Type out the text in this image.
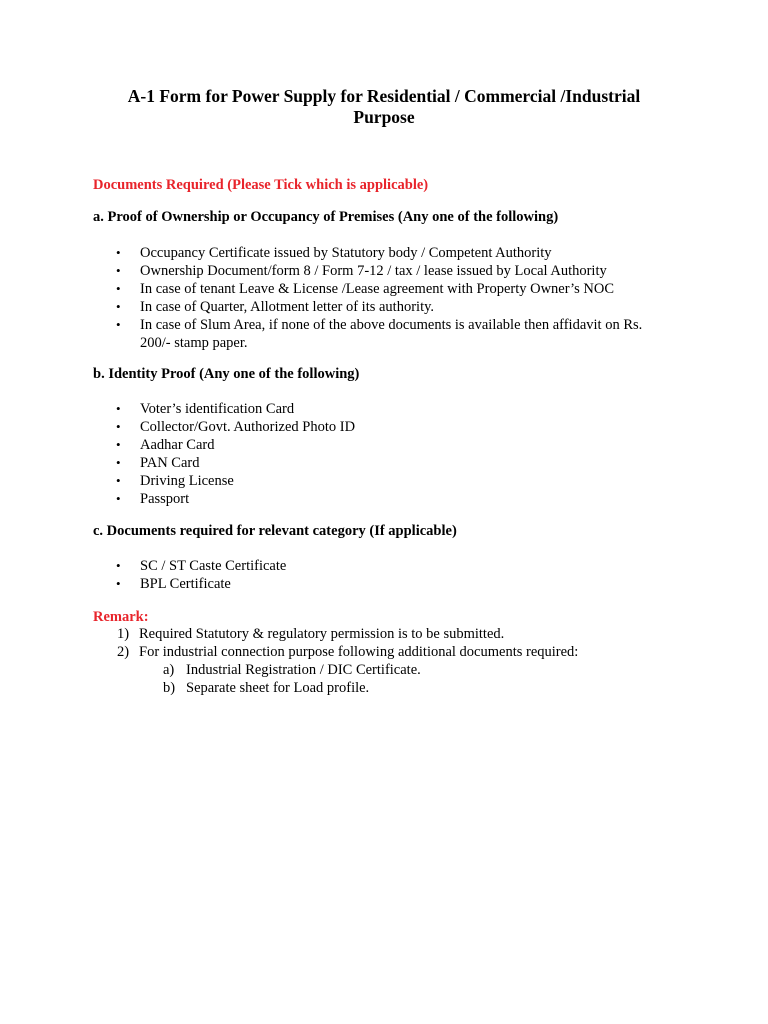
A-1 Form for Power Supply for Residential / Commercial /Industrial Purpose
Documents Required (Please Tick which is applicable)
a. Proof of Ownership or Occupancy of Premises (Any one of the following)
• Occupancy Certificate issued by Statutory body / Competent Authority
• Ownership Document/form 8 / Form 7-12 / tax / lease issued by Local Authority
• In case of tenant Leave & License /Lease agreement with Property Owner’s NOC
• In case of Quarter, Allotment letter of its authority.
• In case of Slum Area, if none of the above documents is available then affidavit on Rs. 200/- stamp paper.
b. Identity Proof (Any one of the following)
• Voter’s identification Card
• Collector/Govt. Authorized Photo ID
• Aadhar Card
• PAN Card
• Driving License
• Passport
c. Documents required for relevant category (If applicable)
• SC / ST Caste Certificate
• BPL Certificate
Remark:
1) Required Statutory & regulatory permission is to be submitted.
2) For industrial connection purpose following additional documents required:
a) Industrial Registration / DIC Certificate.
b) Separate sheet for Load profile.
